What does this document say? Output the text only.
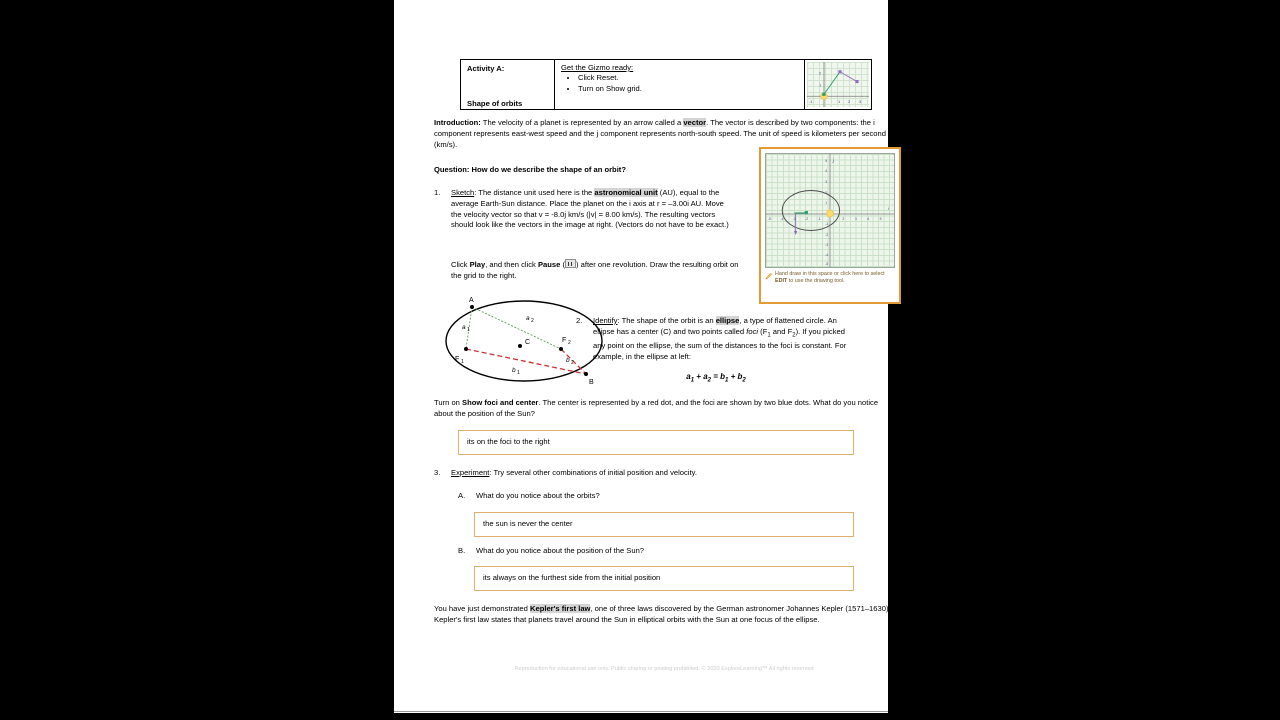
Activity A:
Shape of orbits
Get the Gizmo ready:
• Click Reset.
• Turn on Show grid.
2
1
-1	1 2 3
Introduction: The velocity of a planet is represented by an arrow called a vector. The vector is described by two components: the i component represents east-west speed and the j component represents north-south speed. The unit of speed is kilometers per second (km/s).
Question: How do we describe the shape of an orbit?
1.	Sketch: The distance unit used here is the astronomical unit (AU), equal to the average Earth-Sun distance. Place the planet on the i axis at r = –3.00i AU. Move the velocity vector so that v = -8.0j km/s (|v| = 8.00 km/s). The resulting vectors should look like the vectors in the image at right. (Vectors do not have to be exact.)
Click Play, and then click Pause ( ) after one revolution. Draw the resulting orbit on the grid to the right.
5
4
3
2
1
-1
-2
-3
-4
-5
-5	-4	-3	-2	-1	2	3	4	5
j
i
Hand draw in this space or click here to select EDIT to use the drawing tool.
A
B
C
F 1
F 2
a 1
a 2
b 1
b 2
2.	Identify: The shape of the orbit is an ellipse, a type of flattened circle. An ellipse has a center (C) and two points called foci ($F_1$ and $F_2$). If you picked any point on the ellipse, the sum of the distances to the foci is constant. For example, in the ellipse at left:
$a_1 + a_2 = b_1 + b_2$
Turn on Show foci and center. The center is represented by a red dot, and the foci are shown by two blue dots. What do you notice about the position of the Sun?
its on the foci to the right
3.	Experiment: Try several other combinations of initial position and velocity.
A.	What do you notice about the orbits?
the sun is never the center
B.	What do you notice about the position of the Sun?
its always on the furthest side from the initial position
You have just demonstrated Kepler's first law, one of three laws discovered by the German astronomer Johannes Kepler (1571–1630). Kepler's first law states that planets travel around the Sun in elliptical orbits with the Sun at one focus of the ellipse.
Reproduction for educational use only. Public sharing or posting prohibited. © 2020 ExploreLearning™ All rights reserved
